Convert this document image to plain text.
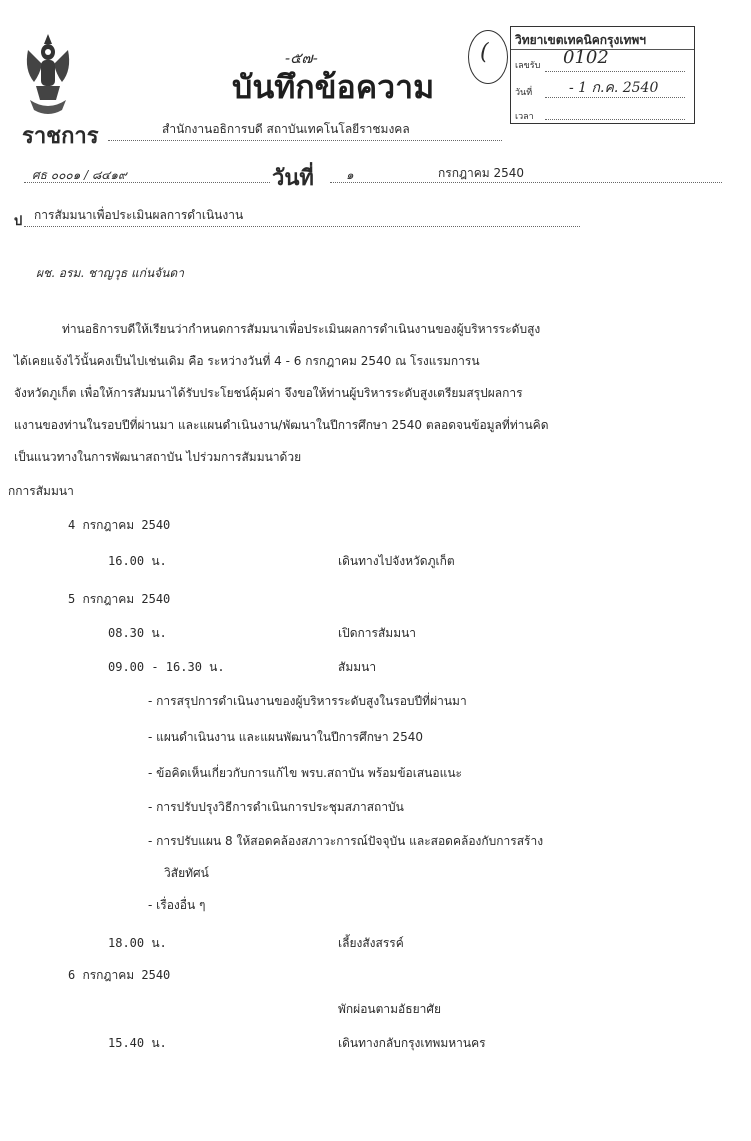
-๕๗-
บันทึกข้อความ
( วิทยาเขตเทคนิคกรุงเทพฯ
เลขรับ 0102
วันที่	- 1 ก.ค. 2540
เวลา
ราชการ	สำนักงานอธิการบดี สถาบันเทคโนโลยีราชมงคล
ศธ ๐๐๐๑ / ๘๔๑๙	วันที่	๑	กรกฎาคม 2540
ป การสัมมนาเพื่อประเมินผลการดำเนินงาน
ผช. อรม. ชาญวุธ แก่นจันดา
ท่านอธิการบดีให้เรียนว่ากำหนดการสัมมนาเพื่อประเมินผลการดำเนินงานของผู้บริหารระดับสูง
ได้เคยแจ้งไว้นั้นคงเป็นไปเช่นเดิม คือ ระหว่างวันที่ 4 - 6 กรกฎาคม 2540 ณ โรงแรมการน
จังหวัดภูเก็ต เพื่อให้การสัมมนาได้รับประโยชน์คุ้มค่า จึงขอให้ท่านผู้บริหารระดับสูงเตรียมสรุปผลการ
แงานของท่านในรอบปีที่ผ่านมา และแผนดำเนินงาน/พัฒนาในปีการศึกษา 2540 ตลอดจนข้อมูลที่ท่านคิด
เป็นแนวทางในการพัฒนาสถาบัน ไปร่วมการสัมมนาด้วย
กการสัมมนา
4 กรกฎาคม 2540
16.00 น.	เดินทางไปจังหวัดภูเก็ต
5 กรกฎาคม 2540
08.30 น.	เปิดการสัมมนา
09.00 - 16.30 น.	สัมมนา
- การสรุปการดำเนินงานของผู้บริหารระดับสูงในรอบปีที่ผ่านมา
- แผนดำเนินงาน และแผนพัฒนาในปีการศึกษา 2540
- ข้อคิดเห็นเกี่ยวกับการแก้ไข พรบ.สถาบัน พร้อมข้อเสนอแนะ
- การปรับปรุงวิธีการดำเนินการประชุมสภาสถาบัน
- การปรับแผน 8 ให้สอดคล้องสภาวะการณ์ปัจจุบัน และสอดคล้องกับการสร้าง
วิสัยทัศน์
- เรื่องอื่น ๆ
18.00 น.	เลี้ยงสังสรรค์
6 กรกฎาคม 2540
พักผ่อนตามอัธยาศัย
15.40 น.	เดินทางกลับกรุงเทพมหานคร
